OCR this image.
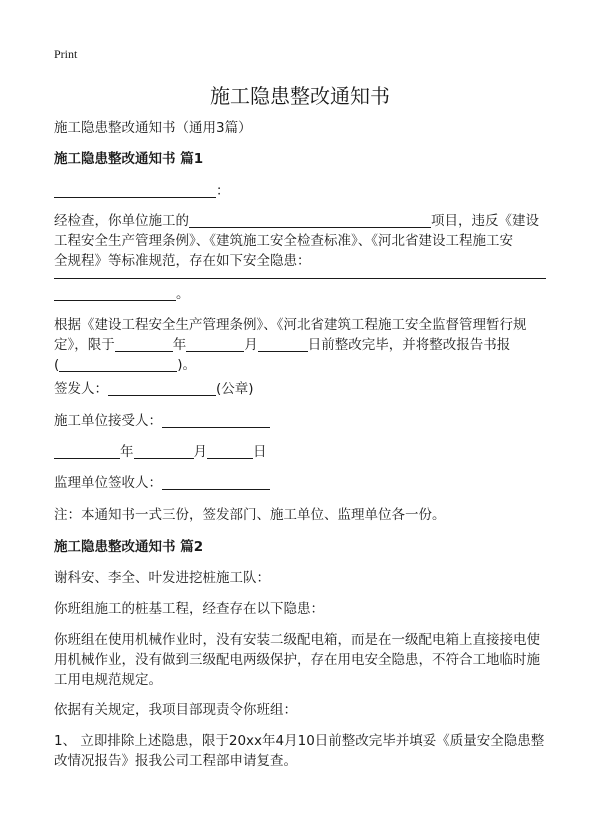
Print
施工隐患整改通知书
施工隐患整改通知书（通用3篇）
施工隐患整改通知书 篇1
：
经检查，你单位施工的	项目，违反《建设
工程安全生产管理条例》、《建筑施工安全检查标准》、《河北省建设工程施工安
全规程》等标准规范，存在如下安全隐患：
。
根据《建设工程安全生产管理条例》、《河北省建筑工程施工安全监督管理暂行规
定》，限于	年	月	日前整改完毕，并将整改报告书报
(	)。
签发人：	(公章)
施工单位接受人：
年	月	日
监理单位签收人：
注：本通知书一式三份，签发部门、施工单位、监理单位各一份。
施工隐患整改通知书 篇2
谢科安、李全、叶发进挖桩施工队：
你班组施工的桩基工程，经查存在以下隐患：
你班组在使用机械作业时，没有安装二级配电箱，而是在一级配电箱上直接接电使
用机械作业，没有做到三级配电两级保护，存在用电安全隐患，不符合工地临时施
工用电规范规定。
依据有关规定，我项目部现责令你班组：
1、 立即排除上述隐患，限于20xx年4月10日前整改完毕并填妥《质量安全隐患整
改情况报告》报我公司工程部申请复查。
